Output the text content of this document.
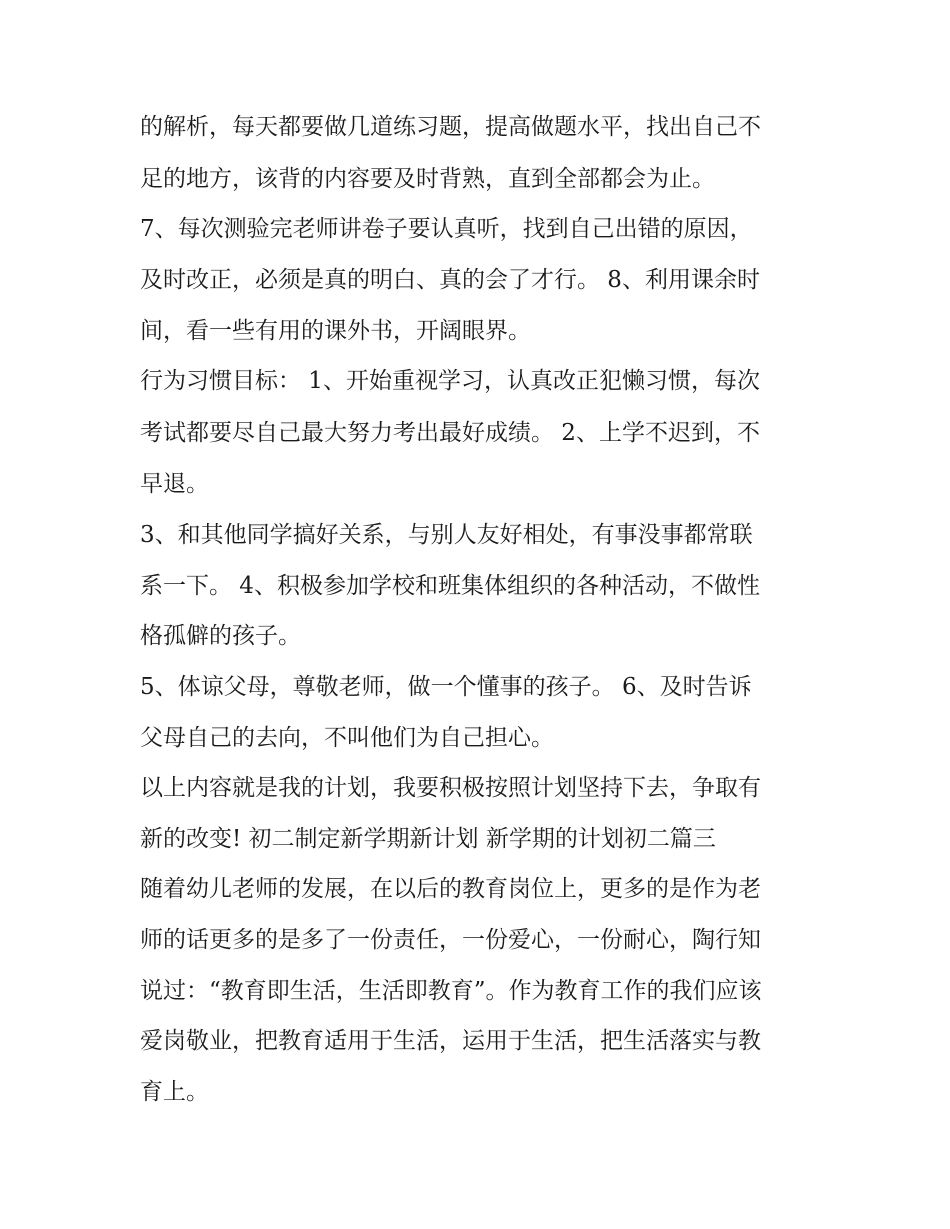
的解析，每天都要做几道练习题，提高做题水平，找出自己不
足的地方，该背的内容要及时背熟，直到全部都会为止。
7、每次测验完老师讲卷子要认真听，找到自己出错的原因，
及时改正，必须是真的明白、真的会了才行。 8、利用课余时
间，看一些有用的课外书，开阔眼界。
行为习惯目标： 1、开始重视学习，认真改正犯懒习惯，每次
考试都要尽自己最大努力考出最好成绩。 2、上学不迟到，不
早退。
3、和其他同学搞好关系，与别人友好相处，有事没事都常联
系一下。 4、积极参加学校和班集体组织的各种活动，不做性
格孤僻的孩子。
5、体谅父母，尊敬老师，做一个懂事的孩子。 6、及时告诉
父母自己的去向，不叫他们为自己担心。
以上内容就是我的计划，我要积极按照计划坚持下去，争取有
新的改变! 初二制定新学期新计划 新学期的计划初二篇三
随着幼儿老师的发展，在以后的教育岗位上，更多的是作为老
师的话更多的是多了一份责任，一份爱心，一份耐心，陶行知
说过：“教育即生活，生活即教育”。作为教育工作的我们应该
爱岗敬业，把教育适用于生活，运用于生活，把生活落实与教
育上。
